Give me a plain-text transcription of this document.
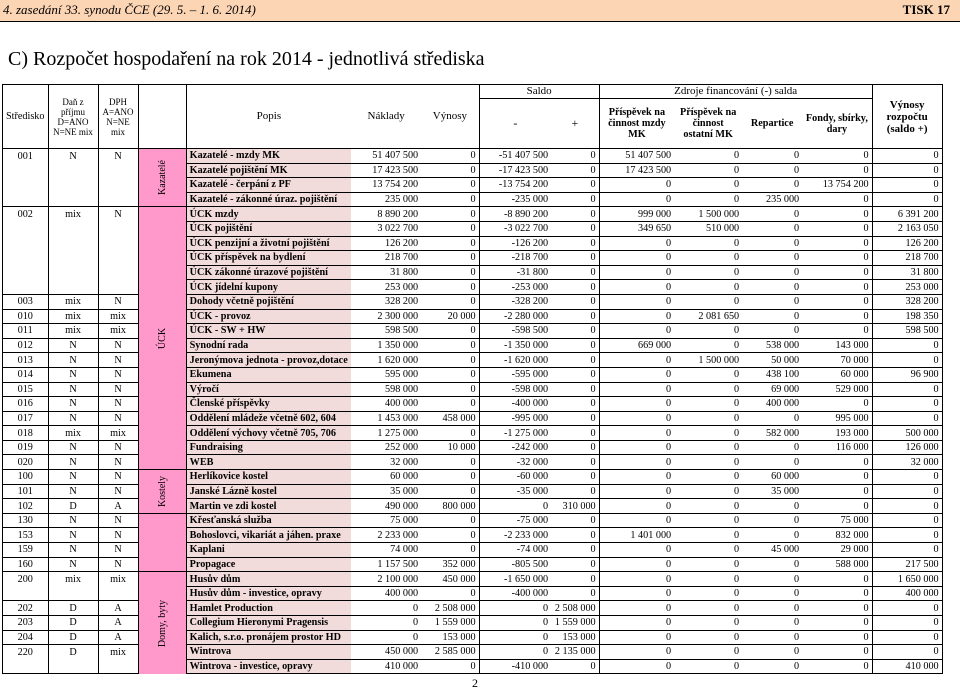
4. zasedání 33. synodu ČCE (29. 5. – 1. 6. 2014)	TISK 17
C) Rozpočet hospodaření na rok 2014 - jednotlivá střediska
Středisko	Daň z příjmu D=ANO N=NE mix	DPH A=ANO N=NE mix		Popis	Náklady	Výnosy	Saldo		Zdroje financování (-) salda				Výnosy rozpočtu (saldo +)

							-	+	Příspěvek na činnost mzdy MK	Příspěvek na činnost ostatní MK	Repartice	Fondy, sbírky, dary	

001	N	N	Kazatelé	Kazatelé - mzdy MK	51 407 500	0	-51 407 500	0	51 407 500	0	0	0	0
				Kazatelé pojištění MK	17 423 500	0	-17 423 500	0	17 423 500	0	0	0	0
				Kazatelé - čerpání z PF	13 754 200	0	-13 754 200	0	0	0	0	13 754 200	0
				Kazatelé - zákonné úraz. pojištění	235 000	0	-235 000	0	0	0	235 000	0	0
002	mix	N	ÚCK	ÚCK mzdy	8 890 200	0	-8 890 200	0	999 000	1 500 000	0	0	6 391 200
				ÚCK pojištění	3 022 700	0	-3 022 700	0	349 650	510 000	0	0	2 163 050
				ÚCK penzijní a životní pojištění	126 200	0	-126 200	0	0	0	0	0	126 200
				ÚCK příspěvek na bydlení	218 700	0	-218 700	0	0	0	0	0	218 700
				ÚCK zákonné úrazové pojištění	31 800	0	-31 800	0	0	0	0	0	31 800
				ÚCK jídelní kupony	253 000	0	-253 000	0	0	0	0	0	253 000
003	mix	N		Dohody včetně pojištění	328 200	0	-328 200	0	0	0	0	0	328 200
010	mix	mix		ÚCK - provoz	2 300 000	20 000	-2 280 000	0	0	2 081 650	0	0	198 350
011	mix	mix		ÚCK - SW + HW	598 500	0	-598 500	0	0	0	0	0	598 500
012	N	N		Synodní rada	1 350 000	0	-1 350 000	0	669 000	0	538 000	143 000	0
013	N	N		Jeronýmova jednota - provoz,dotace	1 620 000	0	-1 620 000	0	0	1 500 000	50 000	70 000	0
014	N	N		Ekumena	595 000	0	-595 000	0	0	0	438 100	60 000	96 900
015	N	N		Výročí	598 000	0	-598 000	0	0	0	69 000	529 000	0
016	N	N		Členské příspěvky	400 000	0	-400 000	0	0	0	400 000	0	0
017	N	N		Oddělení mládeže včetně 602, 604	1 453 000	458 000	-995 000	0	0	0	0	995 000	0
018	mix	mix		Oddělení výchovy včetně 705, 706	1 275 000	0	-1 275 000	0	0	0	582 000	193 000	500 000
019	N	N		Fundraising	252 000	10 000	-242 000	0	0	0	0	116 000	126 000
020	N	N		WEB	32 000	0	-32 000	0	0	0	0	0	32 000
100	N	N	Kostely	Herlíkovice kostel	60 000	0	-60 000	0	0	0	60 000	0	0
101	N	N		Janské Lázně kostel	35 000	0	-35 000	0	0	0	35 000	0	0
102	D	A		Martin ve zdi kostel	490 000	800 000	0	310 000	0	0	0	0	0
130	N	N		Křesťanská služba	75 000	0	-75 000	0	0	0	0	75 000	0
153	N	N		Bohoslovci, vikariát a jáhen. praxe	2 233 000	0	-2 233 000	0	1 401 000	0	0	832 000	0
159	N	N		Kaplani	74 000	0	-74 000	0	0	0	45 000	29 000	0
160	N	N		Propagace	1 157 500	352 000	-805 500	0	0	0	0	588 000	217 500
200	mix	mix	Domy, byty	Husův dům	2 100 000	450 000	-1 650 000	0	0	0	0	0	1 650 000
				Husův dům - investice, opravy	400 000	0	-400 000	0	0	0	0	0	400 000
202	D	A		Hamlet Production	0	2 508 000	0	2 508 000	0	0	0	0	0
203	D	A		Collegium Hieronymi Pragensis	0	1 559 000	0	1 559 000	0	0	0	0	0
204	D	A		Kalich, s.r.o. pronájem prostor HD	0	153 000	0	153 000	0	0	0	0	0
220	D	mix		Wintrova	450 000	2 585 000	0	2 135 000	0	0	0	0	0
				Wintrova - investice, opravy	410 000	0	-410 000	0	0	0	0	0	410 000
2
